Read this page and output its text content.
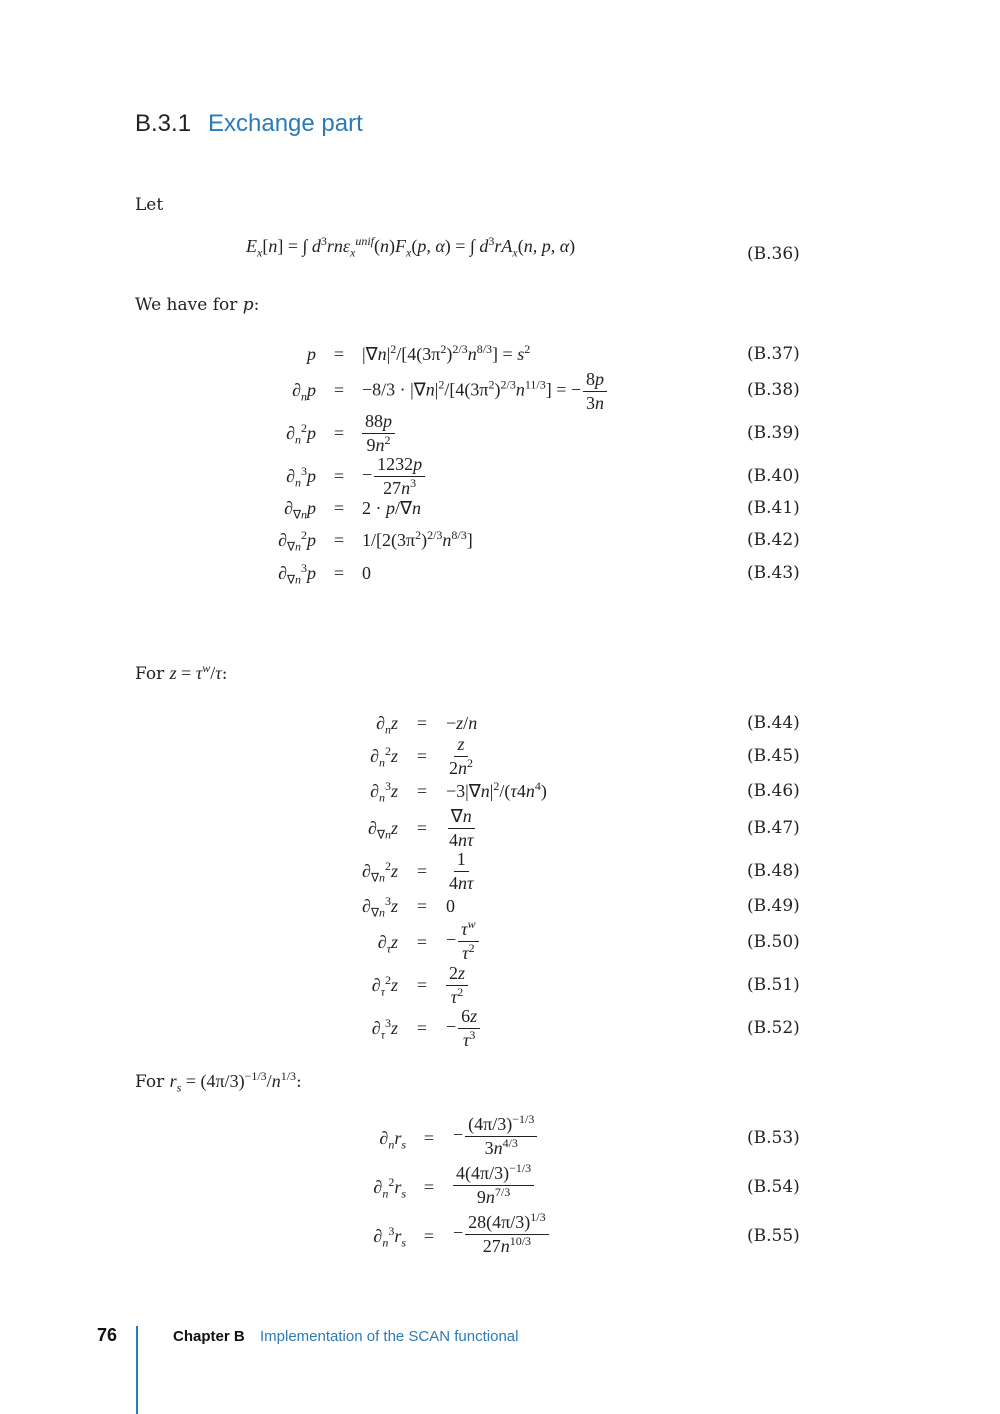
B.3.1 Exchange part
Let
$E_x[n]$ = ∫ $d^3rn\varepsilon_x^{unif}(n)F_x(p$, α) = ∫ $d^3rA_x(n$, p, α)	(B.36)
We have for p:
$p = |\nabla n|^2/[4(3\pi^2)^{2/3}n^{8/3}] = s^2$	(B.37)
$\partial_np = -8/3 \cdot |\nabla n|^2/[4(3\pi^2)^{2/3}n^{11/3}]$ = − $\frac{8p}{3n}$	(B.38)
$\partial_n^2p = \frac{88p}{9n^2}$	(B.39)
$\partial_n^3p$ = − $\frac{1232p}{27n^3}$	(B.40)
$\partial_{\nabla n}p = 2 \cdot p/\nabla n$	(B.41)
$\partial_{\nabla n}^2p = 1/[2(3\pi^2)^{2/3}n^{8/3}]$	(B.42)
$\partial_{\nabla n}^3p = 0$	(B.43)
For $z = \tau^w/\tau$:
$\partial_nz$	=	−z/n	(B.44)
$\partial_n^2z$	=	$\frac{z}{2n^2}$	(B.45)
$\partial_n^3z$	=	$-3|\nabla n|^2/(\tau 4n^4)$	(B.46)
$\partial_{\nabla n}z$	=	$\frac{\nabla n}{4n\tau}$	(B.47)
$\partial_{\nabla n}^2z$	=	$\frac{1}{4n\tau}$	(B.48)
$\partial_{\nabla n}^3z$	=	0	(B.49)
$\partial_\tau z$	=	− $\frac{\tau^w}{\tau^2}$	(B.50)
$\partial_\tau^2z$	=	$\frac{2z}{\tau^2}$	(B.51)
$\partial_\tau^3z$	=	− $\frac{6z}{\tau^3}$	(B.52)
For $r_s = (4\pi/3)^{-1/3}/n^{1/3}$:
$\partial_nr_s$ =	− $\frac{(4\pi/3)^{-1/3}}{3n^{4/3}}$	(B.53)
$\partial_n^2r_s$ =	$\frac{4(4\pi/3)^{-1/3}}{9n^{7/3}}$	(B.54)
$\partial_n^3r_s$ =	− $\frac{28(4\pi/3)^{1/3}}{27n^{10/3}}$	(B.55)
76	Chapter B Implementation of the SCAN functional
